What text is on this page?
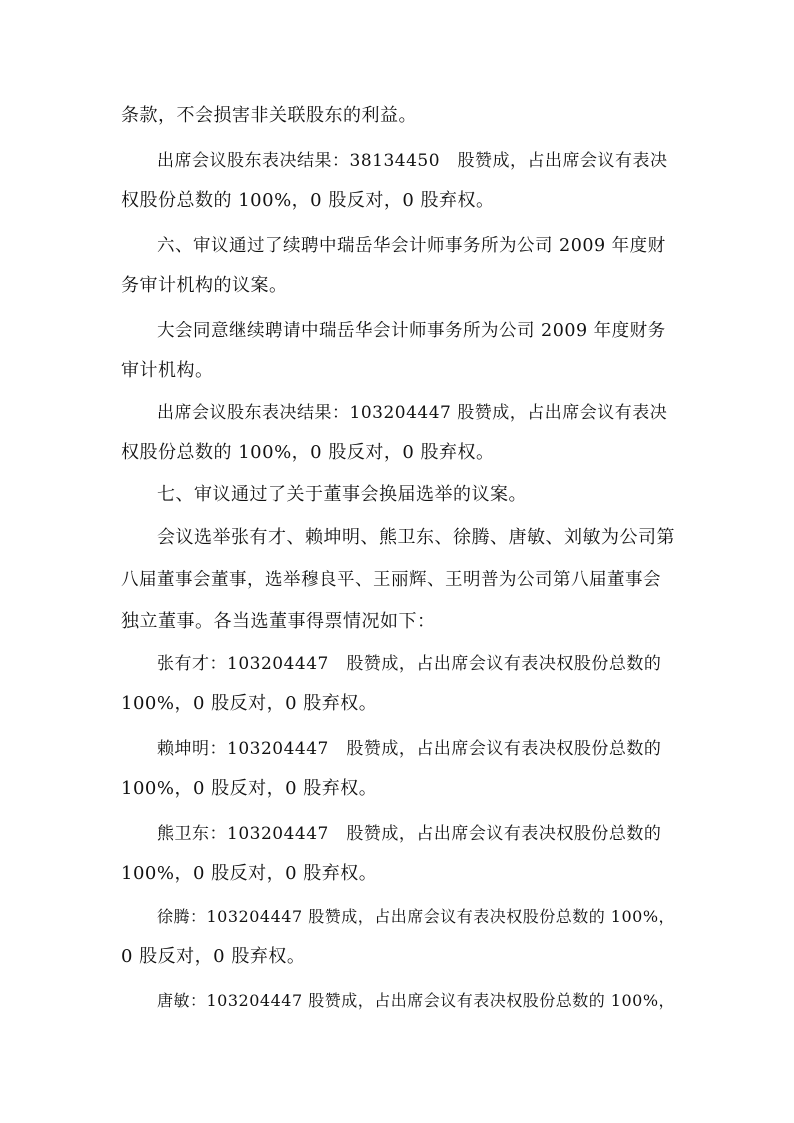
条款，不会损害非关联股东的利益。
出席会议股东表决结果：38134450　股赞成，占出席会议有表决
权股份总数的 100%，0 股反对，0 股弃权。
六、审议通过了续聘中瑞岳华会计师事务所为公司 2009 年度财
务审计机构的议案。
大会同意继续聘请中瑞岳华会计师事务所为公司 2009 年度财务
审计机构。
出席会议股东表决结果：103204447 股赞成，占出席会议有表决
权股份总数的 100%，0 股反对，0 股弃权。
七、审议通过了关于董事会换届选举的议案。
会议选举张有才、赖坤明、熊卫东、徐腾、唐敏、刘敏为公司第
八届董事会董事，选举穆良平、王丽辉、王明普为公司第八届董事会
独立董事。各当选董事得票情况如下：
张有才：103204447　股赞成，占出席会议有表决权股份总数的
100%，0 股反对，0 股弃权。
赖坤明：103204447　股赞成，占出席会议有表决权股份总数的
100%，0 股反对，0 股弃权。
熊卫东：103204447　股赞成，占出席会议有表决权股份总数的
100%，0 股反对，0 股弃权。
徐腾：103204447 股赞成，占出席会议有表决权股份总数的 100%，
0 股反对，0 股弃权。
唐敏：103204447 股赞成，占出席会议有表决权股份总数的 100%，
